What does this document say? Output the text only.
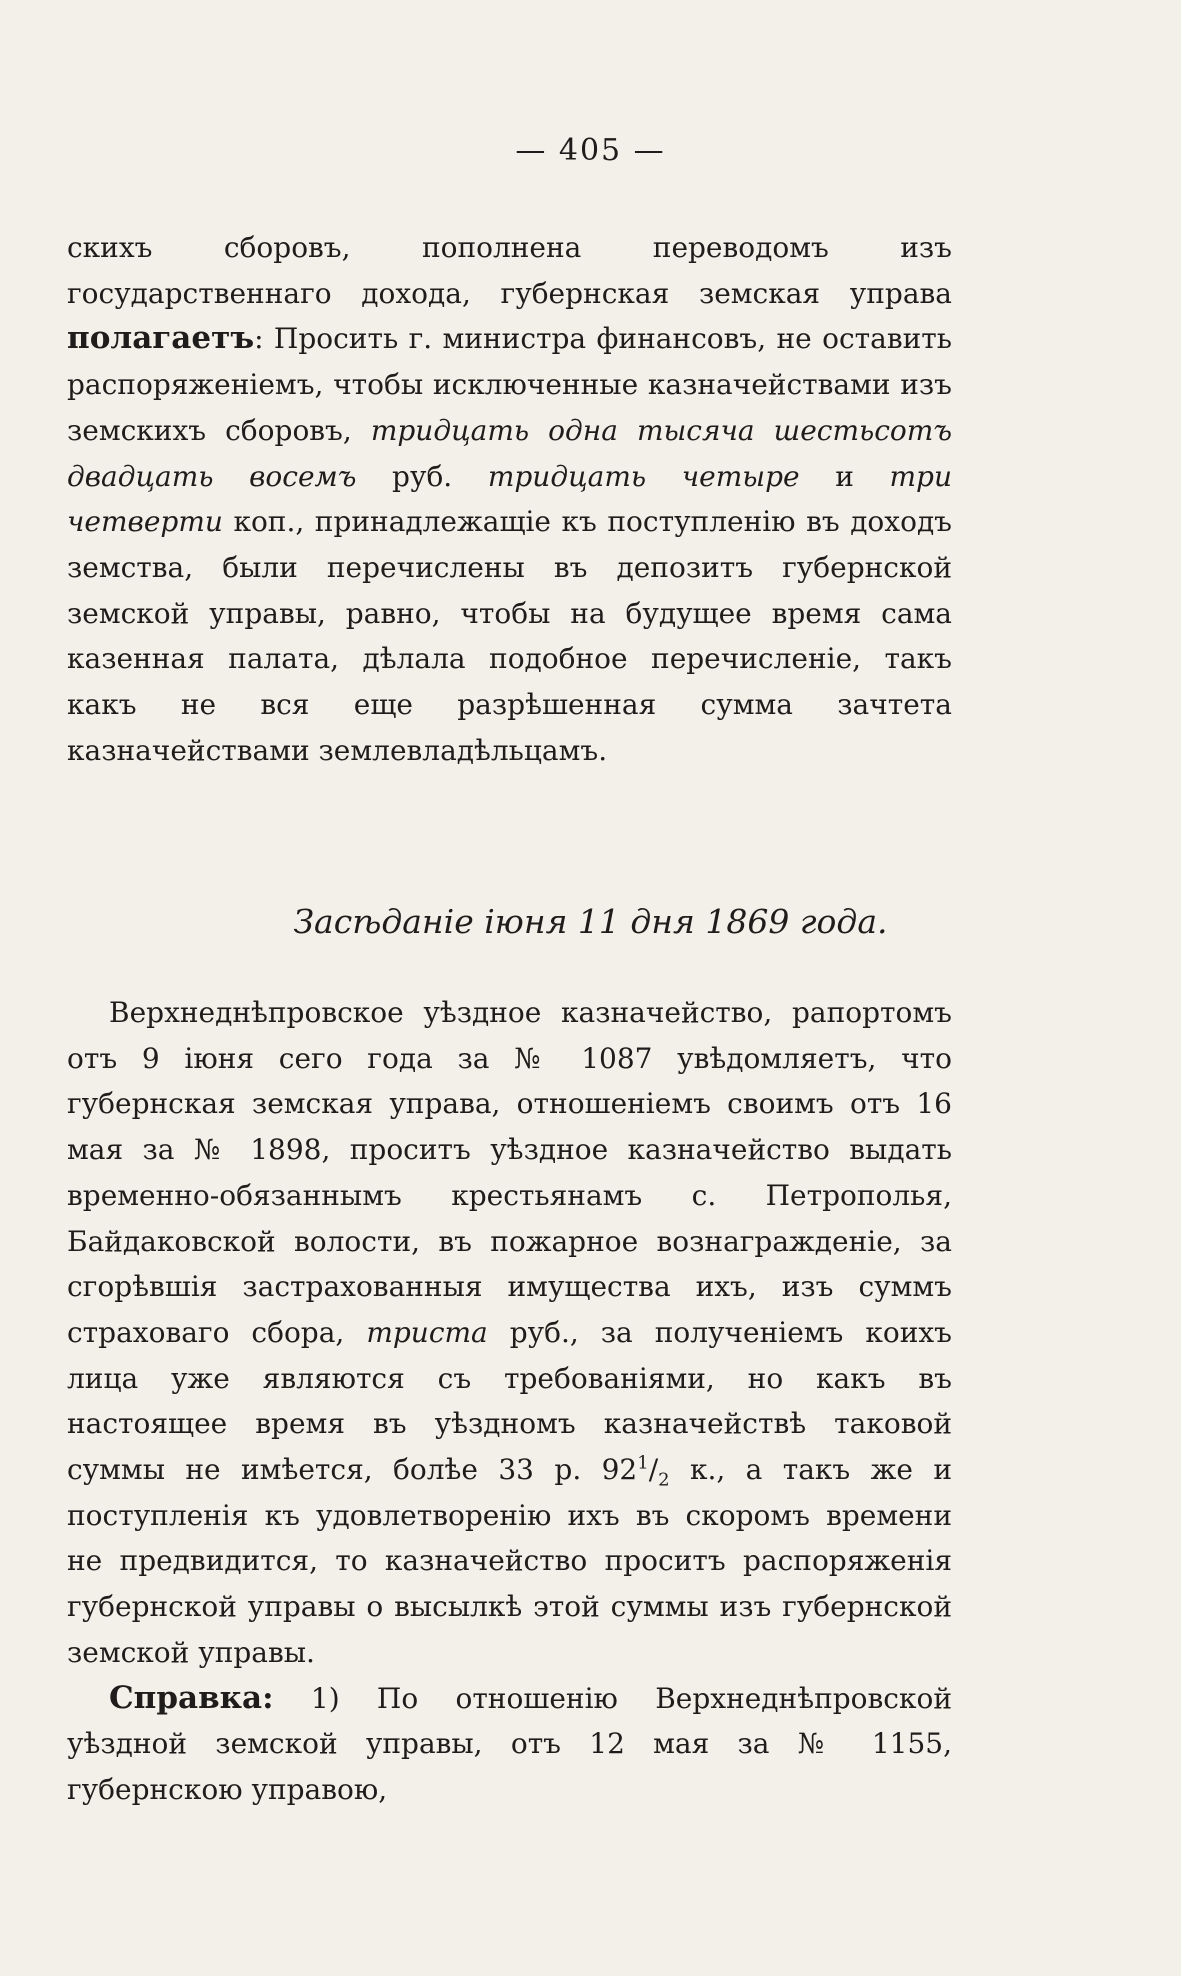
— 405 —

скихъ сборовъ, пополнена переводомъ изъ государственнаго дохода, губернская земская управа полагаетъ: Просить г. министра финансовъ, не оставить распоряженіемъ, чтобы исключенные казначействами изъ земскихъ сборовъ, тридцать одна тысяча шестьсотъ двадцать восемъ руб. тридцать четыре и три четверти коп., принадлежащіе къ поступленію въ доходъ земства, были перечислены въ депозитъ губернской земской управы, равно, чтобы на будущее время сама казенная палата, дѣлала подобное перечисленіе, такъ какъ не вся еще разрѣшенная сумма зачтета казначействами землевладѣльцамъ.

Засѣданіе іюня 11 дня 1869 года.

Верхнеднѣпровское уѣздное казначейство, рапортомъ отъ 9 іюня сего года за № 1087 увѣдомляетъ, что губернская земская управа, отношеніемъ своимъ отъ 16 мая за № 1898, проситъ уѣздное казначейство выдать временно-обязаннымъ крестьянамъ с. Петрополья, Байдаковской волости, въ пожарное вознагражденіе, за сгорѣвшія застрахованныя имущества ихъ, изъ суммъ страховаго сбора, триста руб., за полученіемъ коихъ лица уже являются съ требованіями, но какъ въ настоящее время въ уѣздномъ казначействѣ таковой суммы не имѣется, болѣе 33 р. $92^1/_2$ к., а такъ же и поступленія къ удовлетворенію ихъ въ скоромъ времени не предвидится, то казначейство проситъ распоряженія губернской управы о высылкѣ этой суммы изъ губернской земской управы.

Справка: 1) По отношенію Верхнеднѣпровской уѣздной земской управы, отъ 12 мая за № 1155, губернскою управою,
